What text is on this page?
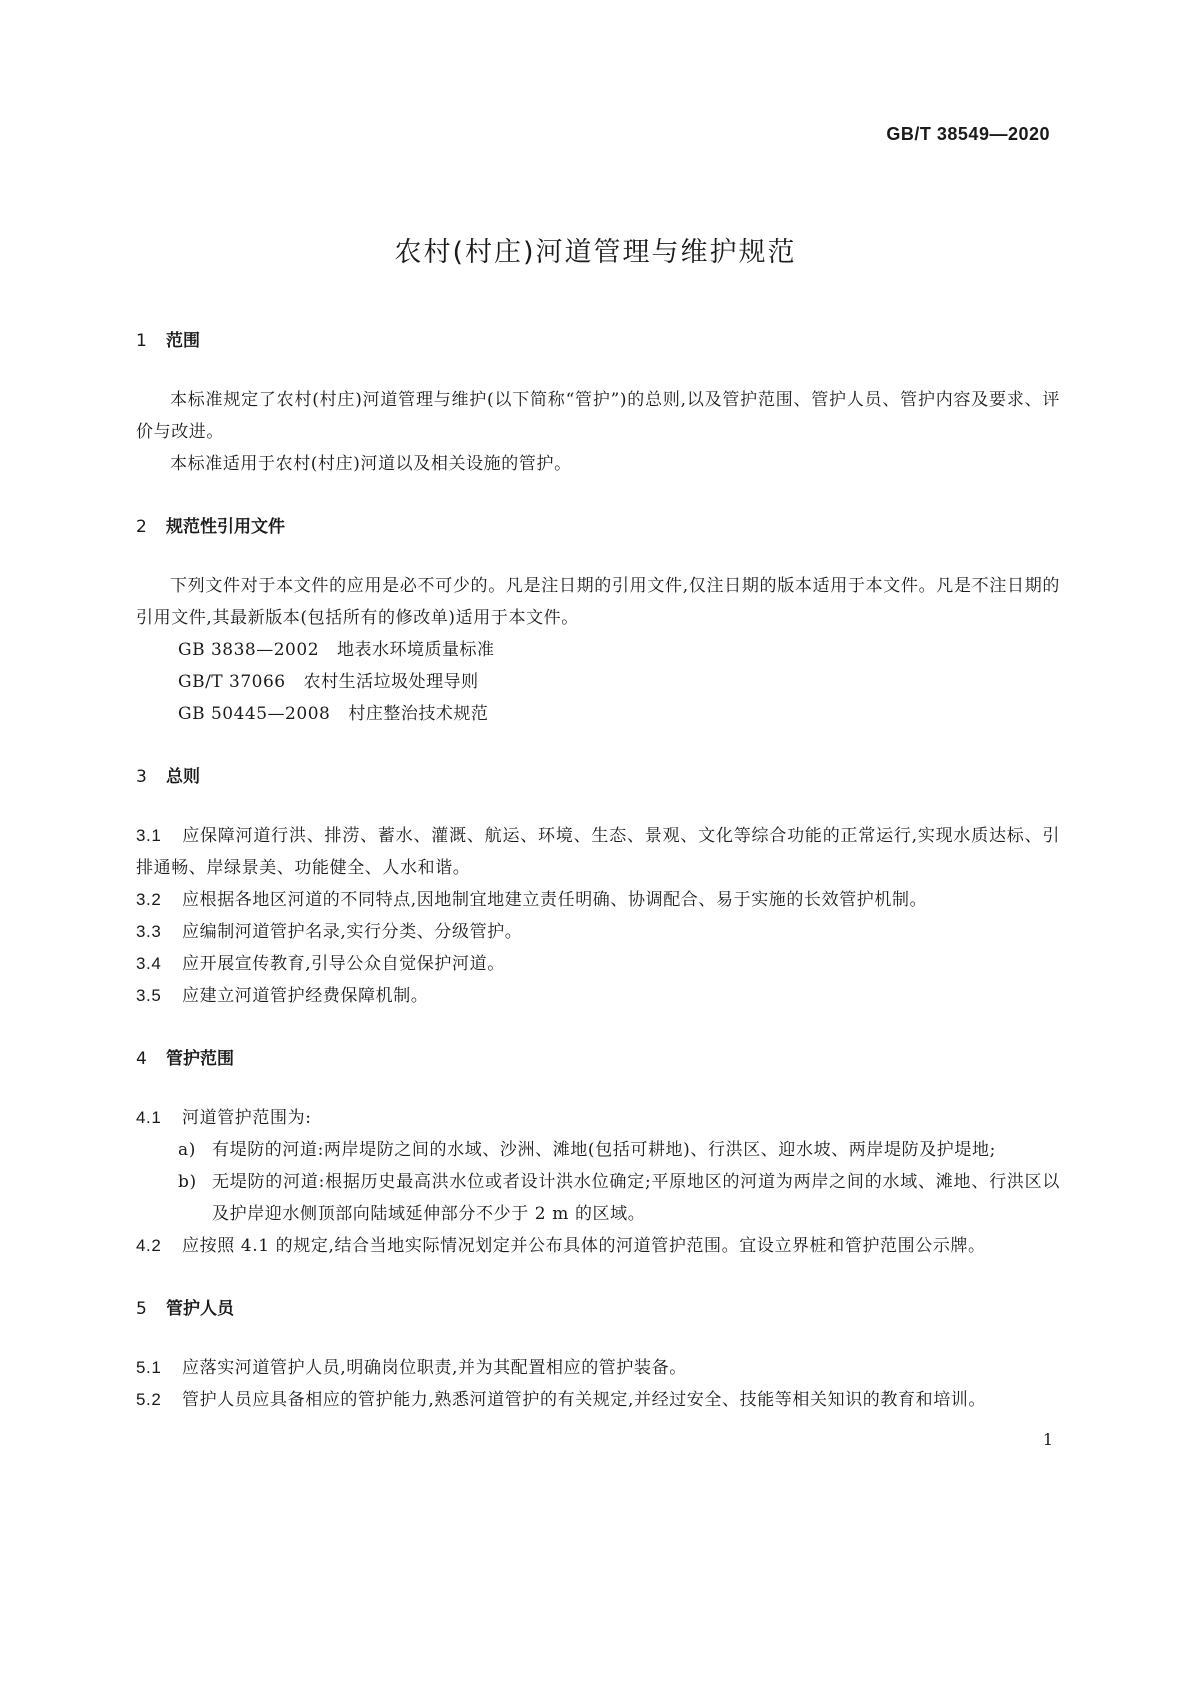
GB/T 38549—2020
农村(村庄)河道管理与维护规范
1 范围
本标准规定了农村(村庄)河道管理与维护(以下简称“管护”)的总则,以及管护范围、管护人员、管护内容及要求、评价与改进。
本标准适用于农村(村庄)河道以及相关设施的管护。
2 规范性引用文件
下列文件对于本文件的应用是必不可少的。凡是注日期的引用文件,仅注日期的版本适用于本文件。凡是不注日期的引用文件,其最新版本(包括所有的修改单)适用于本文件。
GB 3838—2002 地表水环境质量标准
GB/T 37066 农村生活垃圾处理导则
GB 50445—2008 村庄整治技术规范
3 总则
3.1 应保障河道行洪、排涝、蓄水、灌溉、航运、环境、生态、景观、文化等综合功能的正常运行,实现水质达标、引排通畅、岸绿景美、功能健全、人水和谐。
3.2 应根据各地区河道的不同特点,因地制宜地建立责任明确、协调配合、易于实施的长效管护机制。
3.3 应编制河道管护名录,实行分类、分级管护。
3.4 应开展宣传教育,引导公众自觉保护河道。
3.5 应建立河道管护经费保障机制。
4 管护范围
4.1 河道管护范围为:
a) 有堤防的河道:两岸堤防之间的水域、沙洲、滩地(包括可耕地)、行洪区、迎水坡、两岸堤防及护堤地;
b) 无堤防的河道:根据历史最高洪水位或者设计洪水位确定;平原地区的河道为两岸之间的水域、滩地、行洪区以及护岸迎水侧顶部向陆域延伸部分不少于 2 m 的区域。
4.2 应按照 4.1 的规定,结合当地实际情况划定并公布具体的河道管护范围。宜设立界桩和管护范围公示牌。
5 管护人员
5.1 应落实河道管护人员,明确岗位职责,并为其配置相应的管护装备。
5.2 管护人员应具备相应的管护能力,熟悉河道管护的有关规定,并经过安全、技能等相关知识的教育和培训。
1
